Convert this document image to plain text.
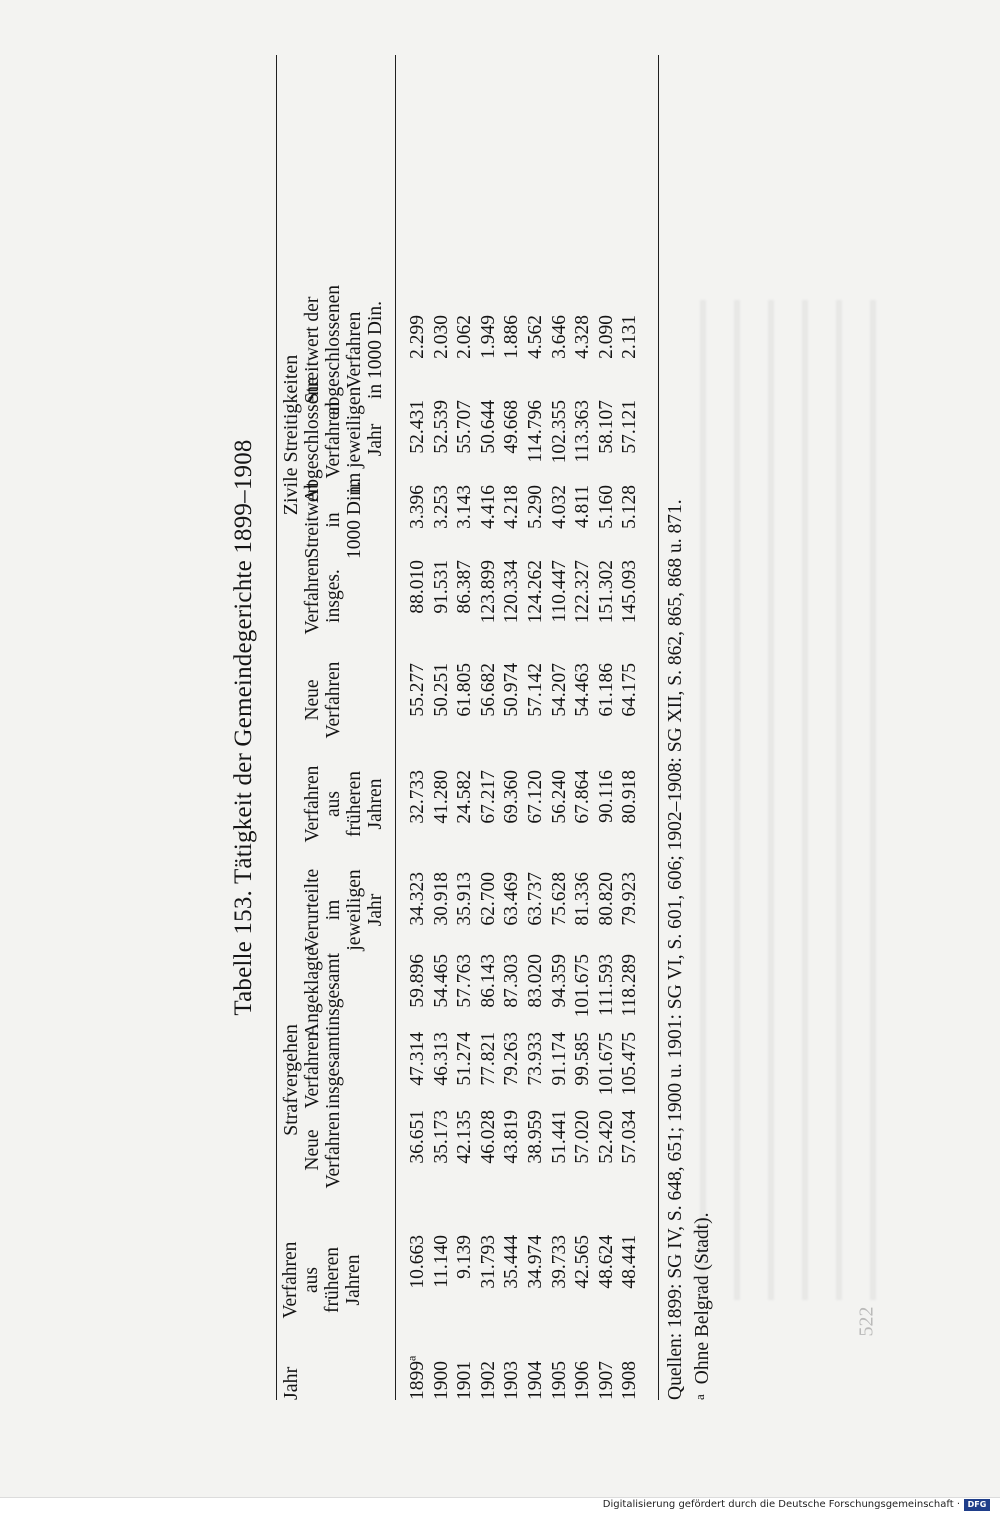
522
Tabelle 153. Tätigkeit der Gemeindegerichte 1899–1908
Jahr
Strafvergehen
Zivile Streitigkeiten
Verfahren
aus
früheren
Jahren
Neue
Verfahren
Verfahren
insgesamt
Angeklagte
insgesamt
Verurteilte
im
jeweiligen
Jahr
Verfahren
aus
früheren
Jahren
Neue
Verfahren
Verfahren
insges.
Streitwert
in
1000 Din.
Abgeschlossene
Verfahren
im jeweiligen
Jahr
Streitwert der
abgeschlossenen
Verfahren
in 1000 Din.
1899$^a$
1900 1901 1902 1903 1904 1905 1906 1907 1908
10.663 11.140 9.139 31.793 35.444 34.974 39.733 42.565 48.624 48.441
36.651 35.173 42.135 46.028 43.819 38.959 51.441 57.020 52.420 57.034
47.314 46.313 51.274 77.821 79.263 73.933 91.174 99.585 101.675 105.475
59.896 54.465 57.763 86.143 87.303 83.020 94.359 101.675 111.593 118.289
34.323 30.918 35.913 62.700 63.469 63.737 75.628 81.336 80.820 79.923
32.733 41.280 24.582 67.217 69.360 67.120 56.240 67.864 90.116 80.918
55.277 50.251 61.805 56.682 50.974 57.142 54.207 54.463 61.186 64.175
88.010 91.531 86.387 123.899 120.334 124.262 110.447 122.327 151.302 145.093
3.396 3.253 3.143 4.416 4.218 5.290 4.032 4.811 5.160 5.128
52.431 52.539 55.707 50.644 49.668 114.796 102.355 113.363 58.107 57.121
2.299 2.030 2.062 1.949 1.886 4.562 3.646 4.328 2.090 2.131
Quellen: 1899: SG IV, S. 648, 651; 1900 u. 1901: SG VI, S. 601, 606; 1902–1908: SG XII, S. 862, 865, 868 u. 871. $^a$Ohne Belgrad (Stadt).
Digitalisierung gefördert durch die Deutsche Forschungsgemeinschaft · DFG
